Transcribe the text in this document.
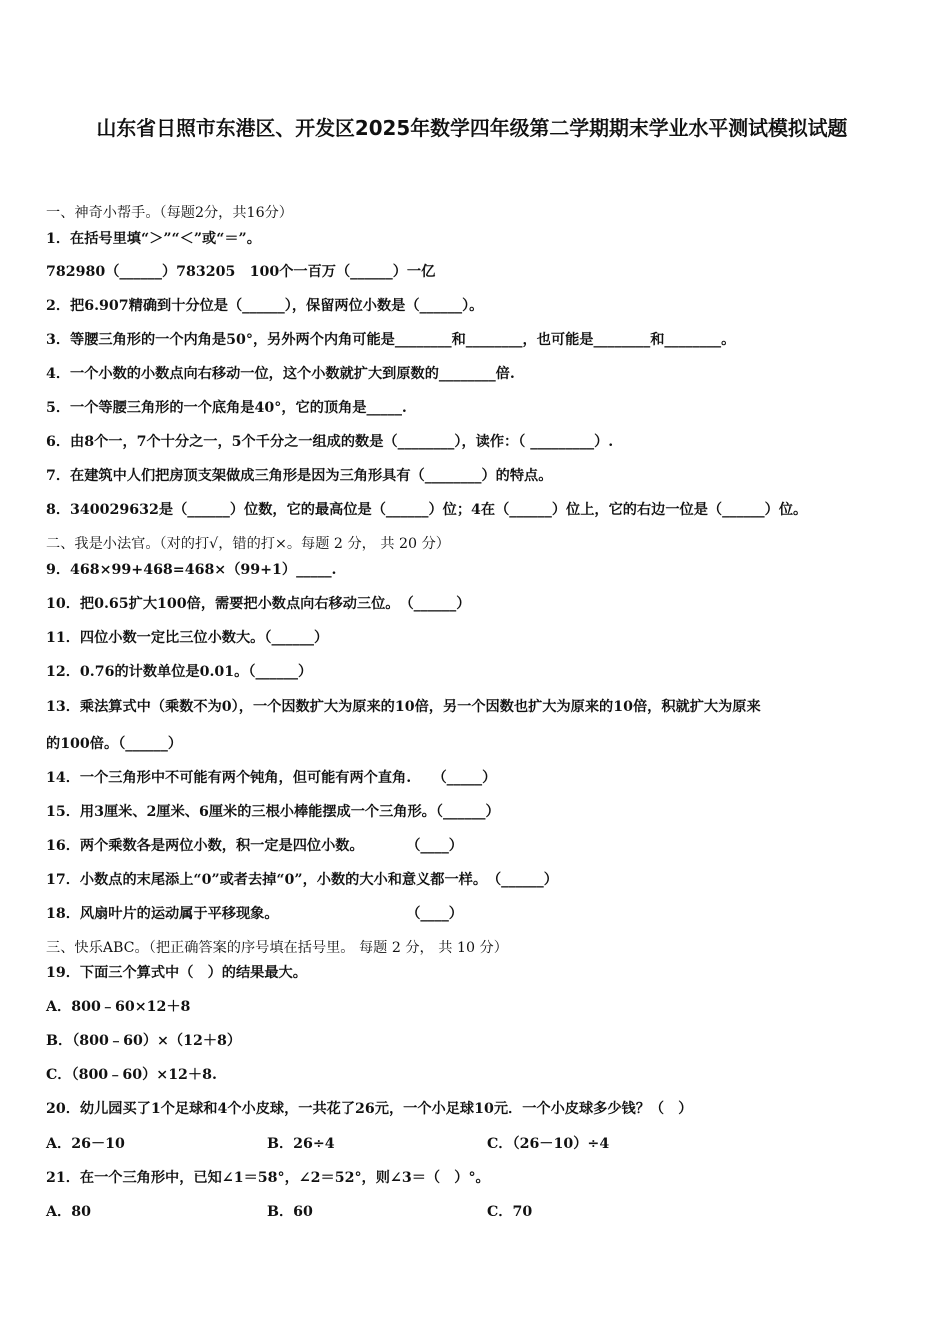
山东省日照市东港区、开发区2025年数学四年级第二学期期末学业水平测试模拟试题
一、神奇小帮手。（每题2分，共16分）
1．在括号里填“＞”“＜”或“＝”。
782980（______）783205　100个一百万（______）一亿
2．把6.907精确到十分位是（______），保留两位小数是（______）。
3．等腰三角形的一个内角是50°，另外两个内角可能是________和________，也可能是________和________。
4．一个小数的小数点向右移动一位，这个小数就扩大到原数的________倍.
5．一个等腰三角形的一个底角是40°，它的顶角是_____.
6．由8个一，7个十分之一，5个千分之一组成的数是（________），读作：（ _________）.
7．在建筑中人们把房顶支架做成三角形是因为三角形具有（________）的特点。
8．340029632是（______）位数，它的最高位是（______）位；4在（______）位上，它的右边一位是（______）位。
二、我是小法官。（对的打√，错的打×。每题 2 分， 共 20 分）
9．468×99+468=468×（99+1）_____.
10．把0.65扩大100倍，需要把小数点向右移动三位。　（______）
11．四位小数一定比三位小数大。（______）
12．0.76的计数单位是0.01。（______）
13．乘法算式中（乘数不为0），一个因数扩大为原来的10倍，另一个因数也扩大为原来的10倍，积就扩大为原来
的100倍。（______）
14．一个三角形中不可能有两个钝角，但可能有两个直角.　　（_____）
15．用3厘米、2厘米、6厘米的三根小棒能摆成一个三角形。（______）
16．两个乘数各是两位小数，积一定是四位小数。　　　　（____）
17．小数点的末尾添上“0”或者去掉“0”，小数的大小和意义都一样。　（______）
18．风扇叶片的运动属于平移现象。　　　　　　　　　　（____）
三、快乐ABC。（把正确答案的序号填在括号里。 每题 2 分， 共 10 分）
19．下面三个算式中（　）的结果最大。
A．800﹣60×12＋8
B．（800﹣60）×（12＋8）
C．（800﹣60）×12＋8.
20．幼儿园买了1个足球和4个小皮球，一共花了26元，一个小足球10元．一个小皮球多少钱？（　）
A．26－10	B．26÷4	C．（26－10）÷4
21．在一个三角形中，已知∠1＝58°，∠2＝52°，则∠3＝（　）°。
A．80	B．60	C．70
